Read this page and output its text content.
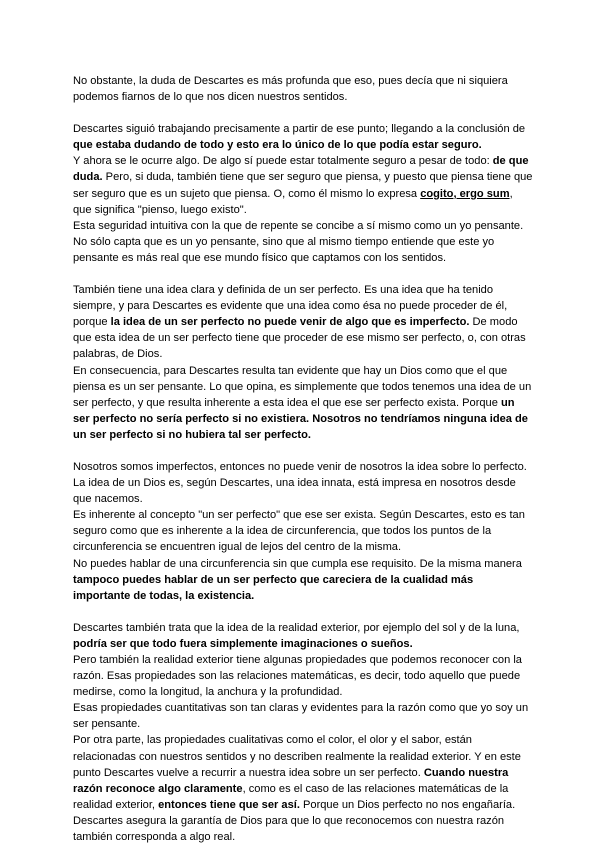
No obstante, la duda de Descartes es más profunda que eso, pues decía que ni siquiera podemos fiarnos de lo que nos dicen nuestros sentidos.

Descartes siguió trabajando precisamente a partir de ese punto; llegando a la conclusión de que estaba dudando de todo y esto era lo único de lo que podía estar seguro.

Y ahora se le ocurre algo. De algo sí puede estar totalmente seguro a pesar de todo: de que duda. Pero, si duda, también tiene que ser seguro que piensa, y puesto que piensa tiene que ser seguro que es un sujeto que piensa. O, como él mismo lo expresa cogito, ergo sum, que significa "pienso, luego existo".

Esta seguridad intuitiva con la que de repente se concibe a sí mismo como un yo pensante. No sólo capta que es un yo pensante, sino que al mismo tiempo entiende que este yo pensante es más real que ese mundo físico que captamos con los sentidos.

También tiene una idea clara y definida de un ser perfecto. Es una idea que ha tenido siempre, y para Descartes es evidente que una idea como ésa no puede proceder de él, porque la idea de un ser perfecto no puede venir de algo que es imperfecto. De modo que esta idea de un ser perfecto tiene que proceder de ese mismo ser perfecto, o, con otras palabras, de Dios.

En consecuencia, para Descartes resulta tan evidente que hay un Dios como que el que piensa es un ser pensante. Lo que opina, es simplemente que todos tenemos una idea de un ser perfecto, y que resulta inherente a esta idea el que ese ser perfecto exista. Porque un ser perfecto no sería perfecto si no existiera. Nosotros no tendríamos ninguna idea de un ser perfecto si no hubiera tal ser perfecto.

Nosotros somos imperfectos, entonces no puede venir de nosotros la idea sobre lo perfecto. La idea de un Dios es, según Descartes, una idea innata, está impresa en nosotros desde que nacemos.

Es inherente al concepto "un ser perfecto" que ese ser exista. Según Descartes, esto es tan seguro como que es inherente a la idea de circunferencia, que todos los puntos de la circunferencia se encuentren igual de lejos del centro de la misma.

No puedes hablar de una circunferencia sin que cumpla ese requisito. De la misma manera tampoco puedes hablar de un ser perfecto que careciera de la cualidad más importante de todas, la existencia.

Descartes también trata que la idea de la realidad exterior, por ejemplo del sol y de la luna, podría ser que todo fuera simplemente imaginaciones o sueños.

Pero también la realidad exterior tiene algunas propiedades que podemos reconocer con la razón. Esas propiedades son las relaciones matemáticas, es decir, todo aquello que puede medirse, como la longitud, la anchura y la profundidad.

Esas propiedades cuantitativas son tan claras y evidentes para la razón como que yo soy un ser pensante.

Por otra parte, las propiedades cualitativas como el color, el olor y el sabor, están relacionadas con nuestros sentidos y no describen realmente la realidad exterior. Y en este punto Descartes vuelve a recurrir a nuestra idea sobre un ser perfecto. Cuando nuestra razón reconoce algo claramente, como es el caso de las relaciones matemáticas de la realidad exterior, entonces tiene que ser así. Porque un Dios perfecto no nos engañaría.

Descartes asegura la garantía de Dios para que lo que reconocemos con nuestra razón también corresponda a algo real.
